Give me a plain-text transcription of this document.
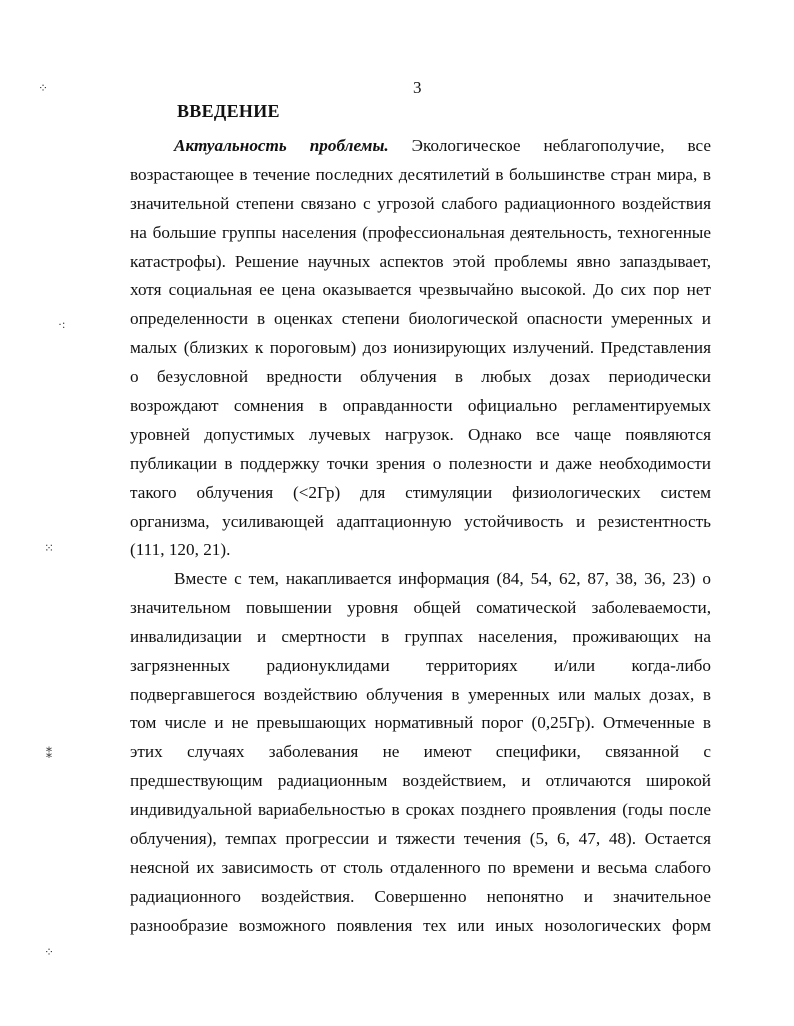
⁘
·:
⁙
⁑
⁘
3
ВВЕДЕНИЕ
Актуальность проблемы. Экологическое неблагополучие, все
возрастающее в течение последних десятилетий в большинстве стран мира, в
значительной степени связано с угрозой слабого радиационного воздействия
на большие группы населения (профессиональная деятельность, техногенные
катастрофы). Решение научных аспектов этой проблемы явно запаздывает,
хотя социальная ее цена оказывается чрезвычайно высокой. До сих пор нет
определенности в оценках степени биологической опасности умеренных и
малых (близких к пороговым) доз ионизирующих излучений. Представления
о безусловной вредности облучения в любых дозах периодически
возрождают сомнения в оправданности официально регламентируемых
уровней допустимых лучевых нагрузок. Однако все чаще появляются
публикации в поддержку точки зрения о полезности и даже необходимости
такого облучения (<2Гр) для стимуляции физиологических систем
организма, усиливающей адаптационную устойчивость и резистентность
(111, 120, 21).
Вместе с тем, накапливается информация (84, 54, 62, 87, 38, 36, 23) о
значительном повышении уровня общей соматической заболеваемости,
инвалидизации и смертности в группах населения, проживающих на
загрязненных радионуклидами территориях и/или когда-либо
подвергавшегося воздействию облучения в умеренных или малых дозах, в
том числе и не превышающих нормативный порог (0,25Гр). Отмеченные в
этих случаях заболевания не имеют специфики, связанной с
предшествующим радиационным воздействием, и отличаются широкой
индивидуальной вариабельностью в сроках позднего проявления (годы после
облучения), темпах прогрессии и тяжести течения (5, 6, 47, 48). Остается
неясной их зависимость от столь отдаленного по времени и весьма слабого
радиационного воздействия. Совершенно непонятно и значительное
разнообразие возможного появления тех или иных нозологических форм
